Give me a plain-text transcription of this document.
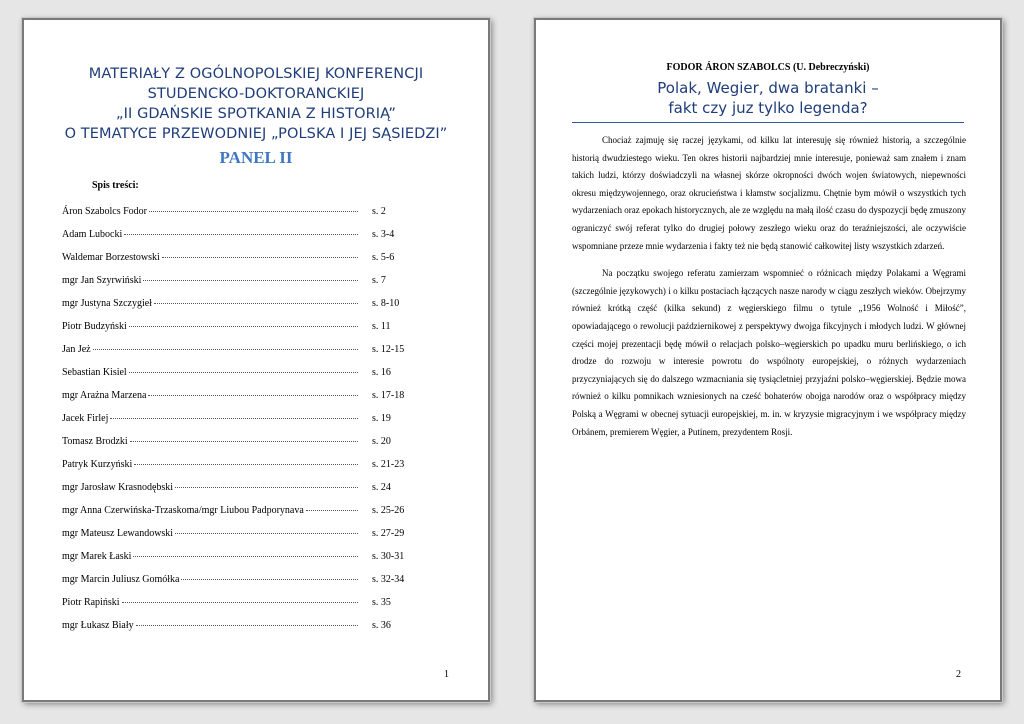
MATERIAŁY Z OGÓLNOPOLSKIEJ KONFERENCJI
STUDENCKO-DOKTORANCKIEJ
„II GDAŃSKIE SPOTKANIA Z HISTORIĄ”
O TEMATYCE PRZEWODNIEJ „POLSKA I JEJ SĄSIEDZI”
PANEL II
Spis treści:
Áron Szabolcs Fodor	s. 2
Adam Lubocki	s. 3-4
Waldemar Borzestowski	s. 5-6
mgr Jan Szyrwiński	s. 7
mgr Justyna Szczygieł	s. 8-10
Piotr Budzyński	s. 11
Jan Jeż	s. 12-15
Sebastian Kisiel	s. 16
mgr Arażna Marzena	s. 17-18
Jacek Firlej	s. 19
Tomasz Brodzki	s. 20
Patryk Kurzyński	s. 21-23
mgr Jarosław Krasnodębski	s. 24
mgr Anna Czerwińska-Trzaskoma/mgr Liubou Padporynava	s. 25-26
mgr Mateusz Lewandowski	s. 27-29
mgr Marek Łaski	s. 30-31
mgr Marcin Juliusz Gomółka	s. 32-34
Piotr Rapiński	s. 35
mgr Łukasz Biały	s. 36
1
FODOR ÁRON SZABOLCS (U. Debreczyński)
Polak, Wegier, dwa bratanki –
fakt czy juz tylko legenda?

Chociaż zajmuję się raczej językami, od kilku lat interesuję się również historią, a szczególnie historią dwudziestego wieku. Ten okres historii najbardziej mnie interesuje, ponieważ sam znałem i znam takich ludzi, którzy doświadczyli na własnej skórze okropności dwóch wojen światowych, niepewności okresu międzywojennego, oraz okrucieństwa i kłamstw socjalizmu. Chętnie bym mówił o wszystkich tych wydarzeniach oraz epokach historycznych, ale ze względu na małą ilość czasu do dyspozycji będę zmuszony ograniczyć swój referat tylko do drugiej połowy zeszłego wieku oraz do teraźniejszości, ale oczywiście wspomniane przeze mnie wydarzenia i fakty też nie będą stanowić całkowitej listy wszystkich zdarzeń.

Na początku swojego referatu zamierzam wspomnieć o różnicach między Polakami a Węgrami (szczególnie językowych) i o kilku postaciach łączących nasze narody w ciągu zeszłych wieków. Obejrzymy również krótką część (kilka sekund) z węgierskiego filmu o tytule „1956 Wolność i Miłość”, opowiadającego o rewolucji październikowej z perspektywy dwojga fikcyjnych i młodych ludzi. W głównej części mojej prezentacji będę mówił o relacjach polsko–węgierskich po upadku muru berlińskiego, o ich drodze do rozwoju w interesie powrotu do wspólnoty europejskiej, o różnych wydarzeniach przyczyniających się do dalszego wzmacniania się tysiącletniej przyjaźni polsko–węgierskiej. Będzie mowa również o kilku pomnikach wzniesionych na cześć bohaterów obojga narodów oraz o współpracy między Polską a Węgrami w obecnej sytuacji europejskiej, m. in. w kryzysie migracyjnym i we współpracy między Orbánem, premierem Węgier, a Putinem, prezydentem Rosji.

2
